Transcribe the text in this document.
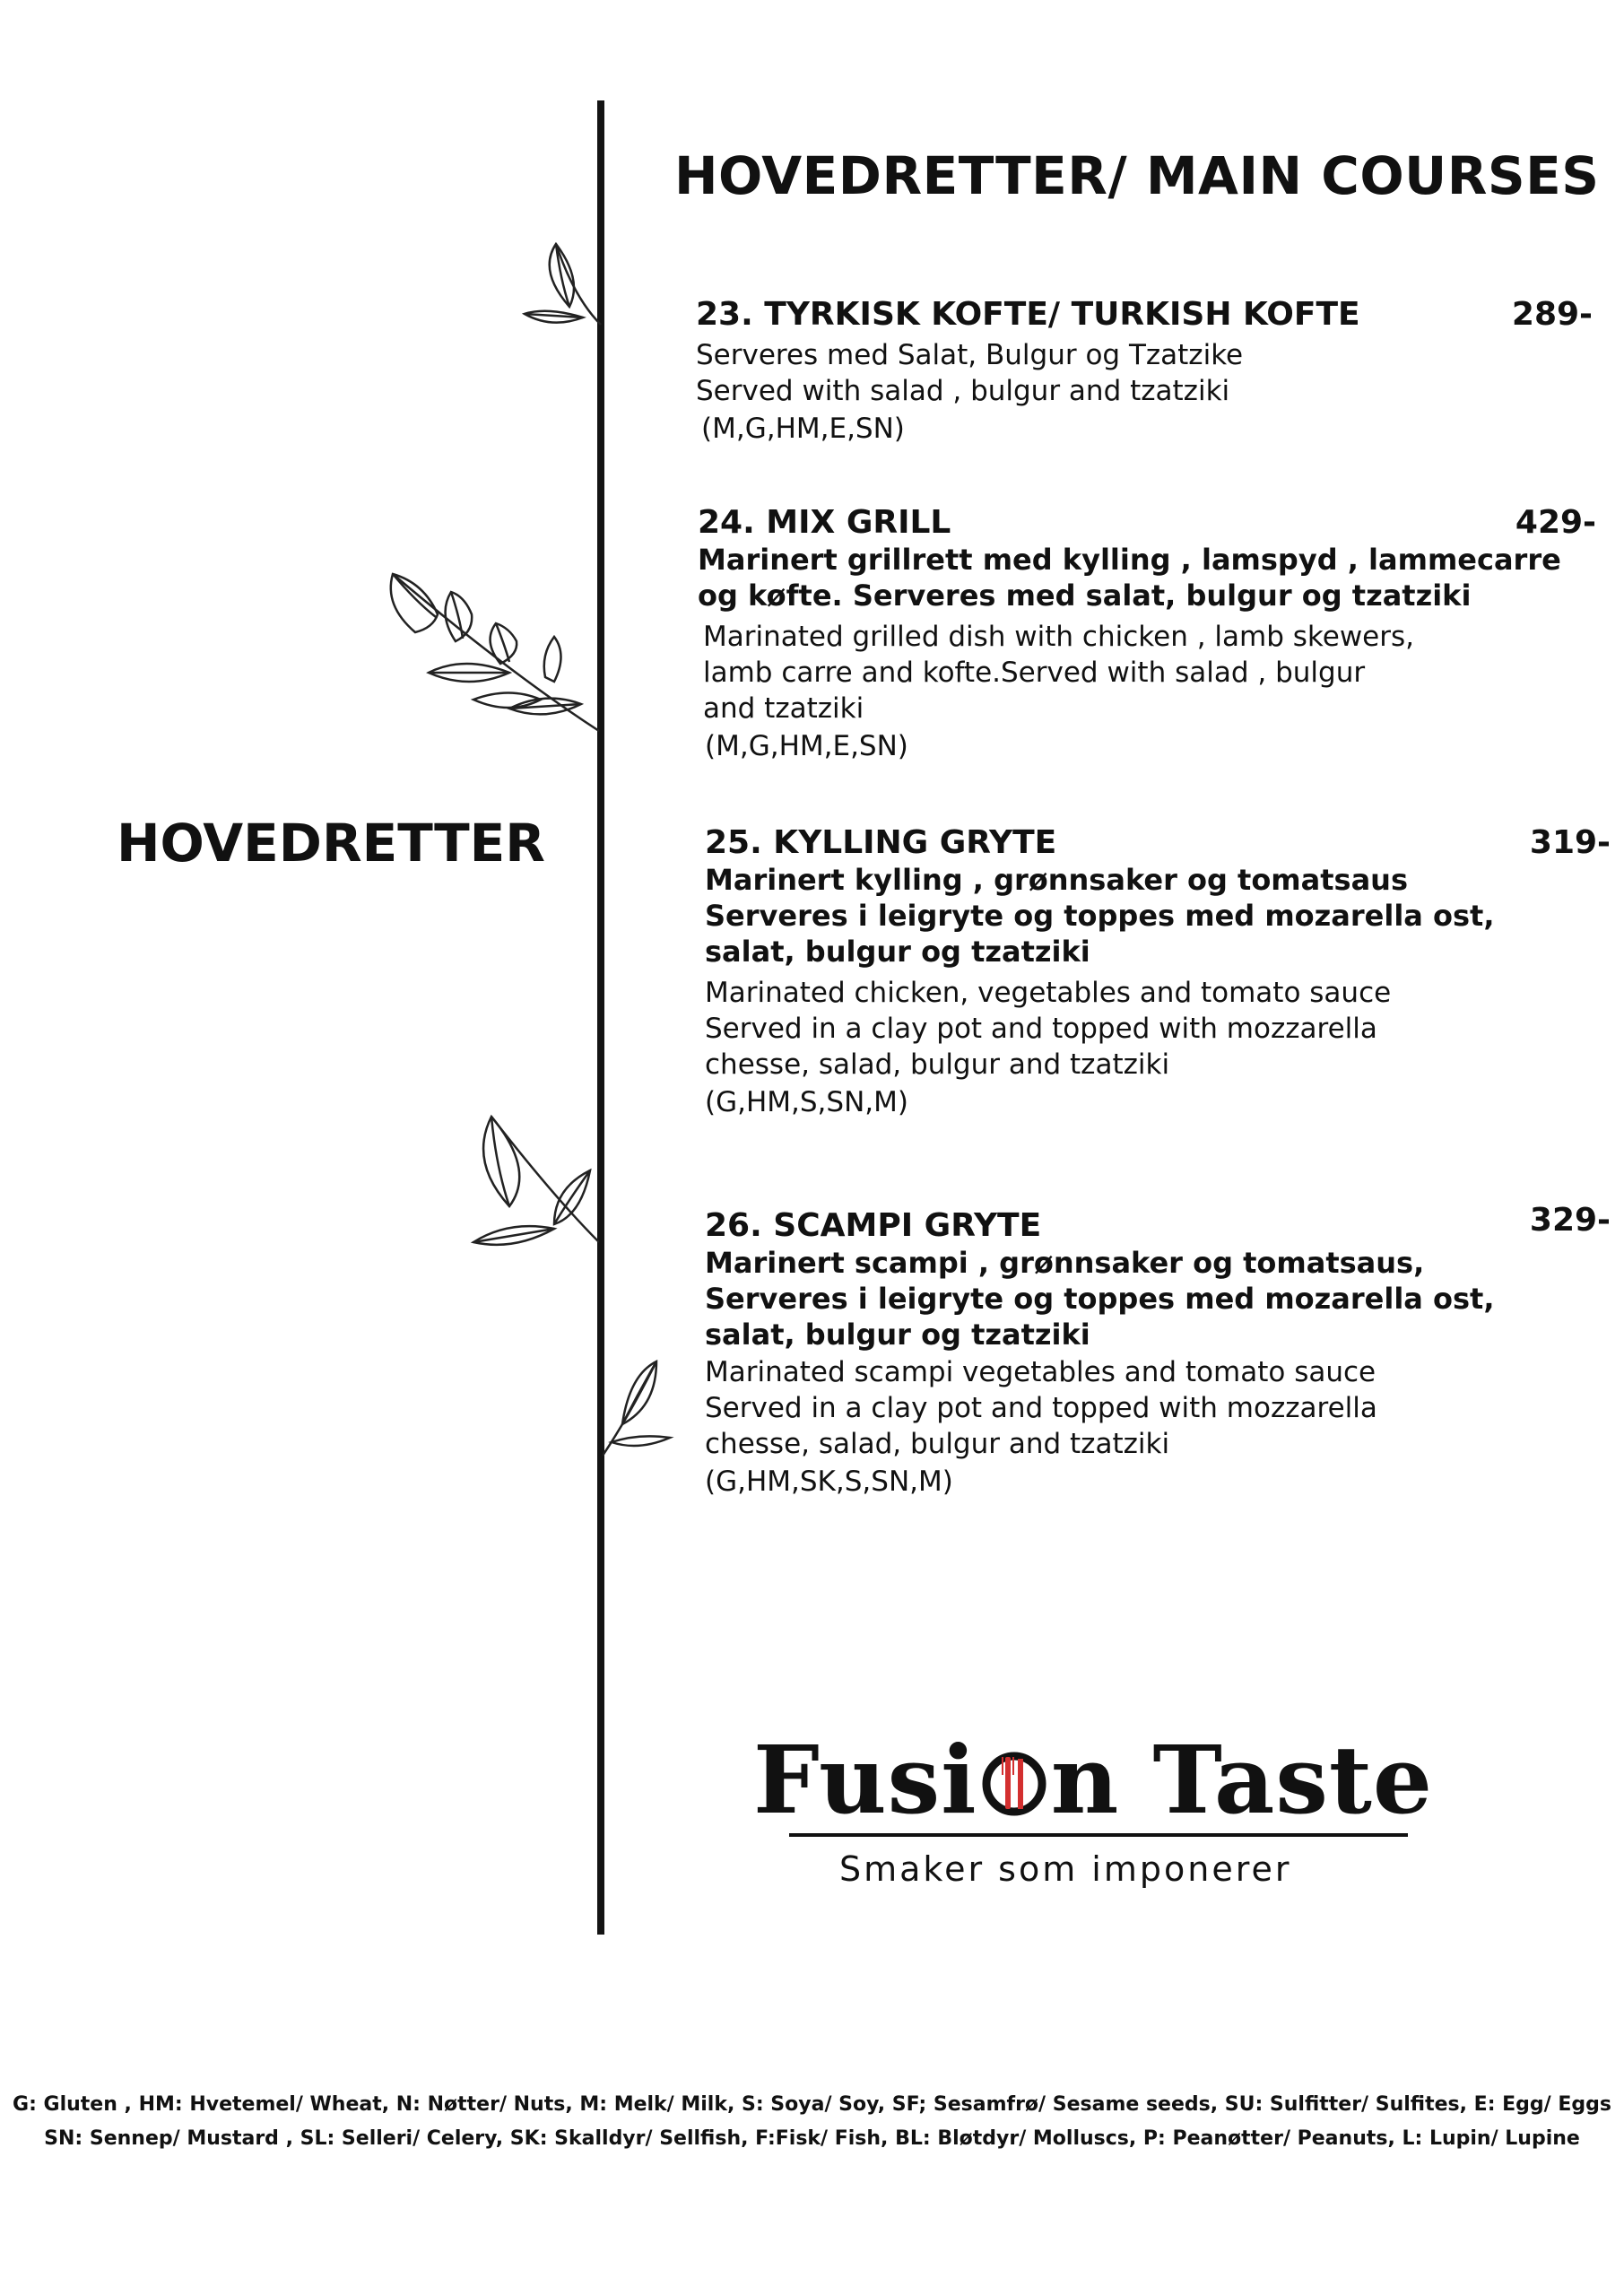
HOVEDRETTER/ MAIN COURSES
HOVEDRETTER
23. TYRKISK KOFTE/ TURKISH KOFTE	289-
Serveres med Salat, Bulgur og Tzatzike
Served with salad , bulgur and tzatziki
(M,G,HM,E,SN)
24. MIX GRILL	429-
Marinert grillrett med kylling , lamspyd , lammecarre
og køfte. Serveres med salat, bulgur og tzatziki
Marinated grilled dish with chicken , lamb skewers,
lamb carre and kofte.Served with salad , bulgur
and tzatziki
(M,G,HM,E,SN)
25. KYLLING GRYTE	319-
Marinert kylling , grønnsaker og tomatsaus
Serveres i leigryte og toppes med mozarella ost,
salat, bulgur og tzatziki
Marinated chicken, vegetables and tomato sauce
Served in a clay pot and topped with mozzarella
chesse, salad, bulgur and tzatziki
(G,HM,S,SN,M)
26. SCAMPI GRYTE	329-
Marinert scampi , grønnsaker og tomatsaus,
Serveres i leigryte og toppes med mozarella ost,
salat, bulgur og tzatziki
Marinated scampi vegetables and tomato sauce
Served in a clay pot and topped with mozzarella
chesse, salad, bulgur and tzatziki
(G,HM,SK,S,SN,M)
Fusi n Taste
Smaker som imponerer
G: Gluten , HM: Hvetemel/ Wheat, N: Nøtter/ Nuts, M: Melk/ Milk, S: Soya/ Soy, SF; Sesamfrø/ Sesame seeds, SU: Sulfitter/ Sulfites, E: Egg/ Eggs
SN: Sennep/ Mustard , SL: Selleri/ Celery, SK: Skalldyr/ Sellfish, F:Fisk/ Fish, BL: Bløtdyr/ Molluscs, P: Peanøtter/ Peanuts, L: Lupin/ Lupine
